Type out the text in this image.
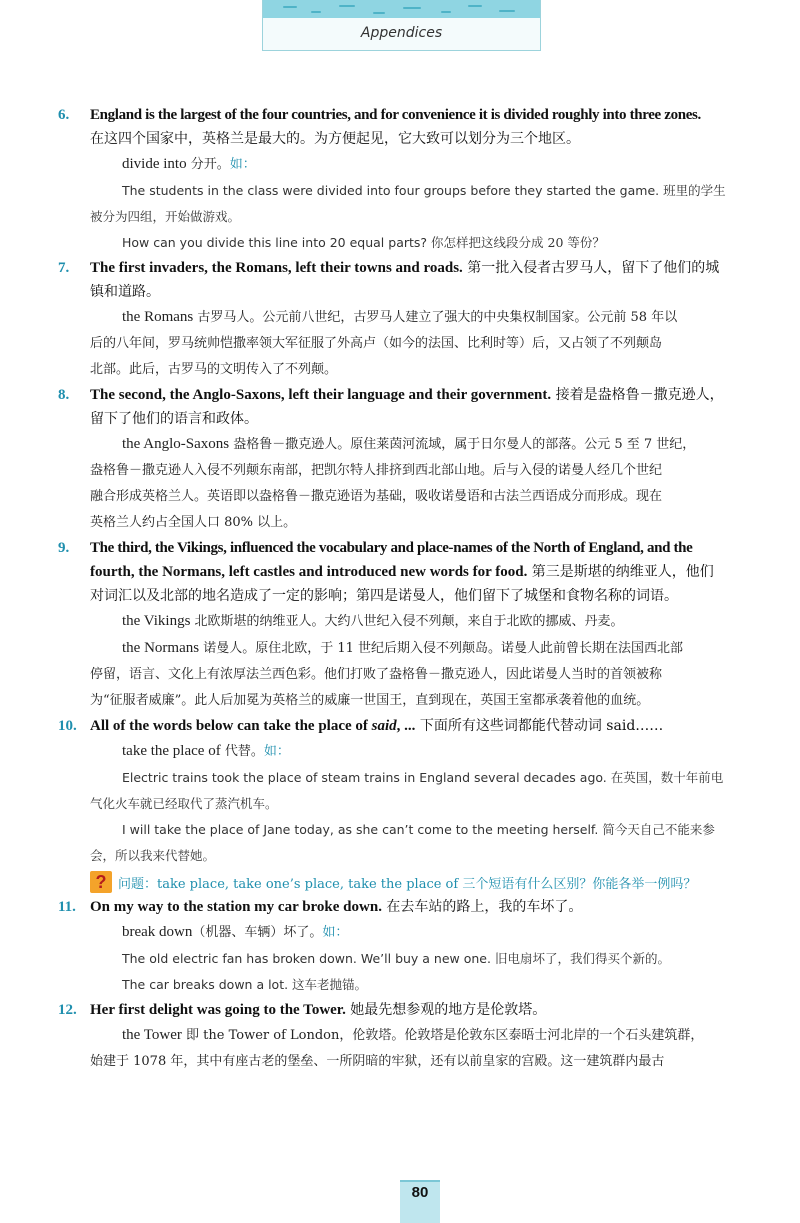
Appendices
6.	England is the largest of the four countries, and for convenience it is divided roughly into three zones.
在这四个国家中，英格兰是最大的。为方便起见，它大致可以划分为三个地区。
divide into 分开。如：
The students in the class were divided into four groups before they started the game. 班里的学生
被分为四组，开始做游戏。
How can you divide this line into 20 equal parts? 你怎样把这线段分成 20 等份？
7.	The first invaders, the Romans, left their towns and roads. 第一批入侵者古罗马人，留下了他们的城
镇和道路。
the Romans 古罗马人。公元前八世纪，古罗马人建立了强大的中央集权制国家。公元前 58 年以
后的八年间，罗马统帅恺撒率领大军征服了外高卢（如今的法国、比利时等）后，又占领了不列颠岛
北部。此后，古罗马的文明传入了不列颠。
8.	The second, the Anglo-Saxons, left their language and their government. 接着是盎格鲁－撒克逊人，
留下了他们的语言和政体。
the Anglo-Saxons 盎格鲁－撒克逊人。原住莱茵河流域，属于日尔曼人的部落。公元 5 至 7 世纪，
盎格鲁－撒克逊人入侵不列颠东南部，把凯尔特人排挤到西北部山地。后与入侵的诺曼人经几个世纪
融合形成英格兰人。英语即以盎格鲁－撒克逊语为基础，吸收诺曼语和古法兰西语成分而形成。现在
英格兰人约占全国人口 80% 以上。
9.	The third, the Vikings, influenced the vocabulary and place-names of the North of England, and the
fourth, the Normans, left castles and introduced new words for food. 第三是斯堪的纳维亚人，他们
对词汇以及北部的地名造成了一定的影响；第四是诺曼人，他们留下了城堡和食物名称的词语。
the Vikings 北欧斯堪的纳维亚人。大约八世纪入侵不列颠，来自于北欧的挪威、丹麦。
the Normans 诺曼人。原住北欧，于 11 世纪后期入侵不列颠岛。诺曼人此前曾长期在法国西北部
停留，语言、文化上有浓厚法兰西色彩。他们打败了盎格鲁－撒克逊人，因此诺曼人当时的首领被称
为“征服者威廉”。此人后加冕为英格兰的威廉一世国王，直到现在，英国王室都承袭着他的血统。
10. All of the words below can take the place of said, ... 下面所有这些词都能代替动词 said……
take the place of 代替。如：
Electric trains took the place of steam trains in England several decades ago. 在英国，数十年前电
气化火车就已经取代了蒸汽机车。
I will take the place of Jane today, as she can’t come to the meeting herself. 简今天自己不能来参
会，所以我来代替她。
? 问题：take place, take one’s place, take the place of 三个短语有什么区别？你能各举一例吗？
11. On my way to the station my car broke down. 在去车站的路上，我的车坏了。
break down（机器、车辆）坏了。如：
The old electric fan has broken down. We’ll buy a new one. 旧电扇坏了，我们得买个新的。
The car breaks down a lot. 这车老抛锚。
12. Her first delight was going to the Tower. 她最先想参观的地方是伦敦塔。
the Tower 即 the Tower of London，伦敦塔。伦敦塔是伦敦东区泰晤士河北岸的一个石头建筑群，
始建于 1078 年，其中有座古老的堡垒、一所阴暗的牢狱，还有以前皇家的宫殿。这一建筑群内最古
80
